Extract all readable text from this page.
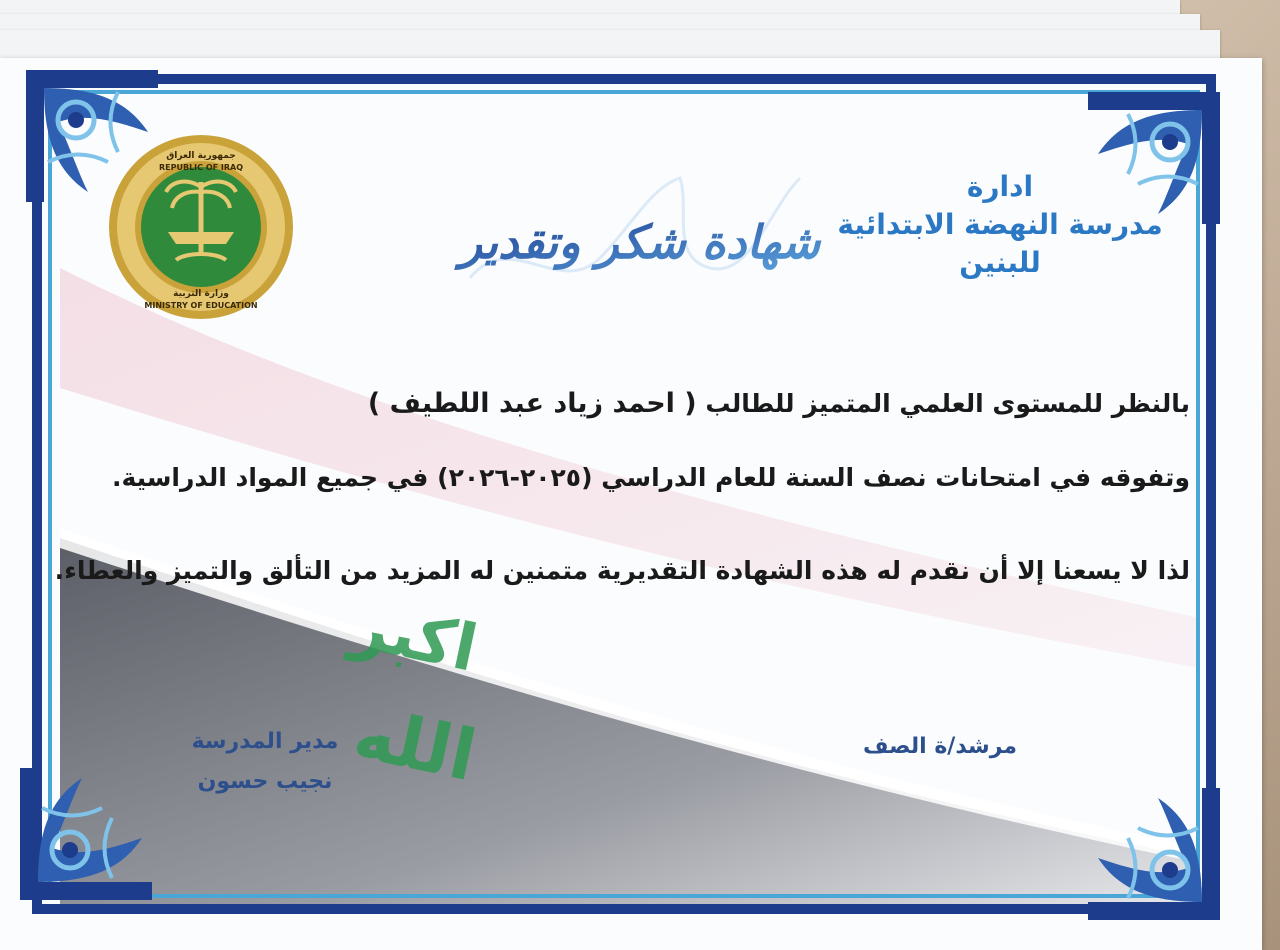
اكبر
الله
جمهورية العراق
REPUBLIC OF IRAQ
وزارة التربية
MINISTRY OF EDUCATION
شهادة شكر وتقدير
ادارة
مدرسة النهضة الابتدائية
للبنين
بالنظر للمستوى العلمي المتميز للطالب ( احمد زياد عبد اللطيف )
وتفوقه في امتحانات نصف السنة للعام الدراسي (٢٠٢٥-٢٠٢٦) في جميع المواد الدراسية.
لذا لا يسعنا إلا أن نقدم له هذه الشهادة التقديرية متمنين له المزيد من التألق والتميز والعطاء.
مدير المدرسة
نجيب حسون
مرشد/ة الصف
